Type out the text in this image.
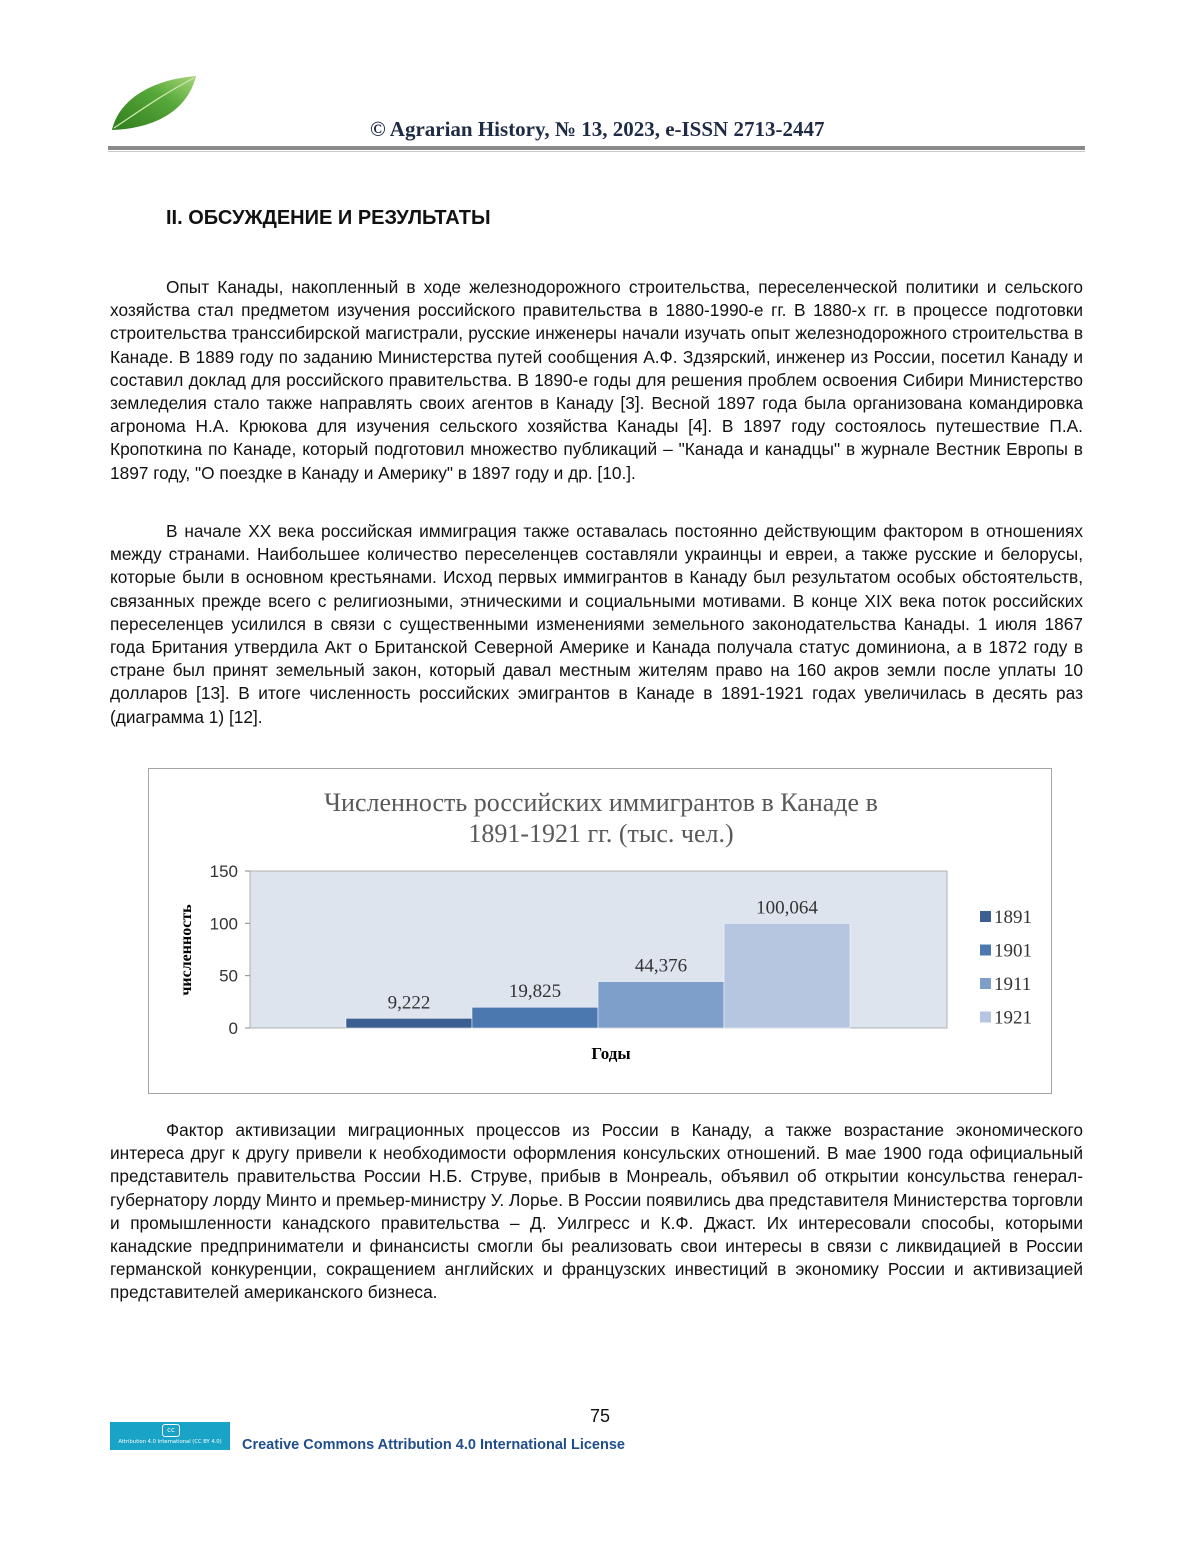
© Agrarian History, № 13, 2023, e-ISSN 2713-2447
II. ОБСУЖДЕНИЕ И РЕЗУЛЬТАТЫ

Опыт Канады, накопленный в ходе железнодорожного строительства, переселенческой политики и сельского хозяйства стал предметом изучения российского правительства в 1880-1990-е гг. В 1880-х гг. в процессе подготовки строительства транссибирской магистрали, русские инженеры начали изучать опыт железнодорожного строительства в Канаде. В 1889 году по заданию Министерства путей сообщения А.Ф. Здзярский, инженер из России, посетил Канаду и составил доклад для российского правительства. В 1890-е годы для решения проблем освоения Сибири Министерство земледелия стало также направлять своих агентов в Канаду [3]. Весной 1897 года была организована командировка агронома Н.А. Крюкова для изучения сельского хозяйства Канады [4]. В 1897 году состоялось путешествие П.А. Кропоткина по Канаде, который подготовил множество публикаций – "Канада и канадцы" в журнале Вестник Европы в 1897 году, "О поездке в Канаду и Америку" в 1897 году и др. [10.].

В начале XX века российская иммиграция также оставалась постоянно действующим фактором в отношениях между странами. Наибольшее количество переселенцев составляли украинцы и евреи, а также русские и белорусы, которые были в основном крестьянами. Исход первых иммигрантов в Канаду был результатом особых обстоятельств, связанных прежде всего с религиозными, этническими и социальными мотивами. В конце XIX века поток российских переселенцев усилился в связи с существенными изменениями земельного законодательства Канады. 1 июля 1867 года Британия утвердила Акт о Британской Северной Америке и Канада получала статус доминиона, а в 1872 году в стране был принят земельный закон, который давал местным жителям право на 160 акров земли после уплаты 10 долларов [13]. В итоге численность российских эмигрантов в Канаде в 1891-1921 годах увеличилась в десять раз (диаграмма 1) [12].

Численность российских иммигрантов в Канаде в
1891-1921 гг. (тыс. чел.)
численность
Годы
0
50
100
150
9,222
19,825
44,376
100,064	1891
1901
1911
1921

Фактор активизации миграционных процессов из России в Канаду, а также возрастание экономического интереса друг к другу привели к необходимости оформления консульских отношений. В мае 1900 года официальный представитель правительства России Н.Б. Струве, прибыв в Монреаль, объявил об открытии консульства генерал-губернатору лорду Минто и премьер-министру У. Лорье. В России появились два представителя Министерства торговли и промышленности канадского правительства – Д. Уилгресс и К.Ф. Джаст. Их интересовали способы, которыми канадские предприниматели и финансисты смогли бы реализовать свои интересы в связи с ликвидацией в России германской конкуренции, сокращением английских и французских инвестиций в экономику России и активизацией представителей американского бизнеса.

75
cc
Attribution 4.0 International (CC BY 4.0)	Creative Commons Attribution 4.0 International License
